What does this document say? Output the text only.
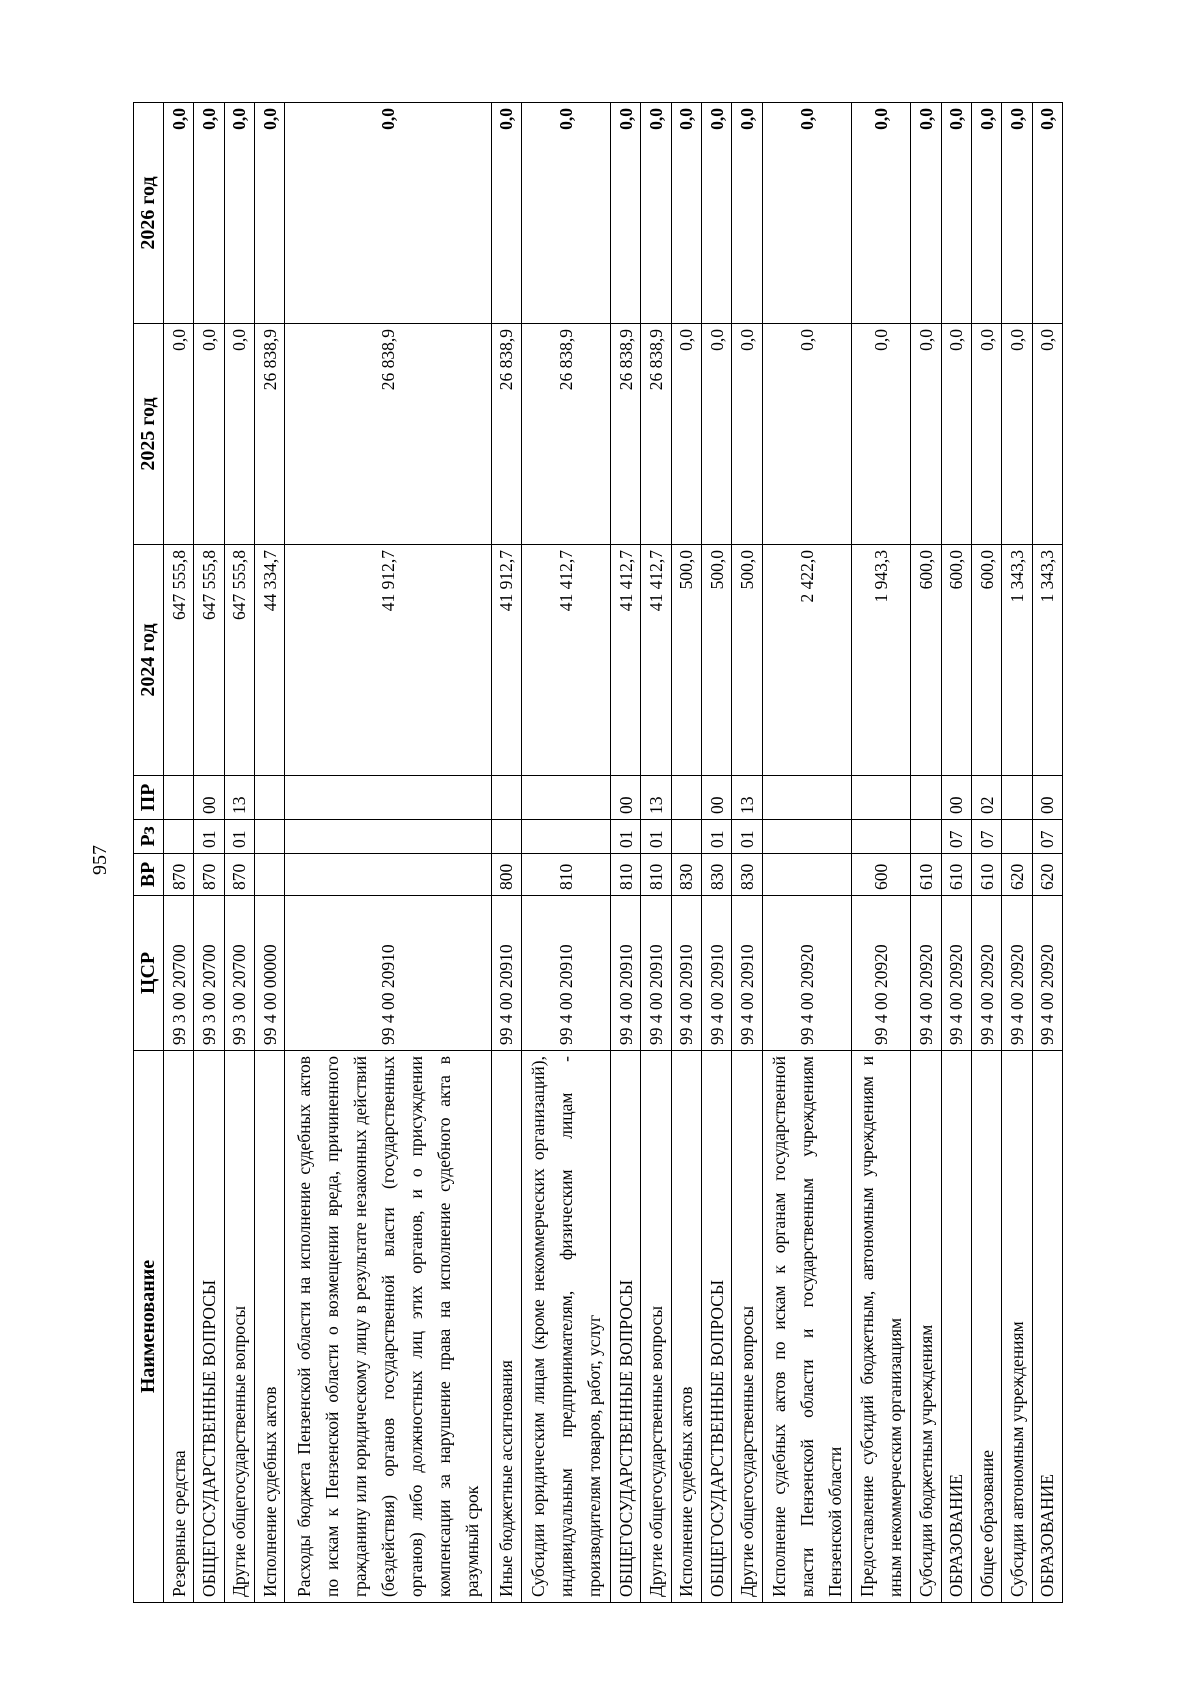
957
Наименование	ЦСР	ВР	Рз	ПР	2024 год	2025 год	2026 год
Резервные средства	99 3 00 20700	870			647 555,8	0,0	0,0
ОБЩЕГОСУДАРСТВЕННЫЕ ВОПРОСЫ	99 3 00 20700	870	01	00	647 555,8	0,0	0,0
Другие общегосударственные вопросы	99 3 00 20700	870	01	13	647 555,8	0,0	0,0
Исполнение судебных актов	99 4 00 00000				44 334,7	26 838,9	0,0
Расходы бюджета Пензенской области на исполнение судебных актов по искам к Пензенской области о возмещении вреда, причиненного гражданину или юридическому лицу в результате незаконных действий (бездействия) органов государственной власти (государственных органов) либо должностных лиц этих органов, и о присуждении компенсации за нарушение права на исполнение судебного акта в разумный срок	99 4 00 20910				41 912,7	26 838,9	0,0
Иные бюджетные ассигнования	99 4 00 20910	800			41 912,7	26 838,9	0,0
Субсидии юридическим лицам (кроме некоммерческих организаций), индивидуальным предпринимателям, физическим лицам - производителям товаров, работ, услуг	99 4 00 20910	810			41 412,7	26 838,9	0,0
ОБЩЕГОСУДАРСТВЕННЫЕ ВОПРОСЫ	99 4 00 20910	810	01	00	41 412,7	26 838,9	0,0
Другие общегосударственные вопросы	99 4 00 20910	810	01	13	41 412,7	26 838,9	0,0
Исполнение судебных актов	99 4 00 20910	830			500,0	0,0	0,0
ОБЩЕГОСУДАРСТВЕННЫЕ ВОПРОСЫ	99 4 00 20910	830	01	00	500,0	0,0	0,0
Другие общегосударственные вопросы	99 4 00 20910	830	01	13	500,0	0,0	0,0
Исполнение судебных актов по искам к органам государственной власти Пензенской области и государственным учреждениям Пензенской области	99 4 00 20920				2 422,0	0,0	0,0
Предоставление субсидий бюджетным, автономным учреждениям и иным некоммерческим организациям	99 4 00 20920	600			1 943,3	0,0	0,0
Субсидии бюджетным учреждениям	99 4 00 20920	610			600,0	0,0	0,0
ОБРАЗОВАНИЕ	99 4 00 20920	610	07	00	600,0	0,0	0,0
Общее образование	99 4 00 20920	610	07	02	600,0	0,0	0,0
Субсидии автономным учреждениям	99 4 00 20920	620			1 343,3	0,0	0,0
ОБРАЗОВАНИЕ	99 4 00 20920	620	07	00	1 343,3	0,0	0,0
